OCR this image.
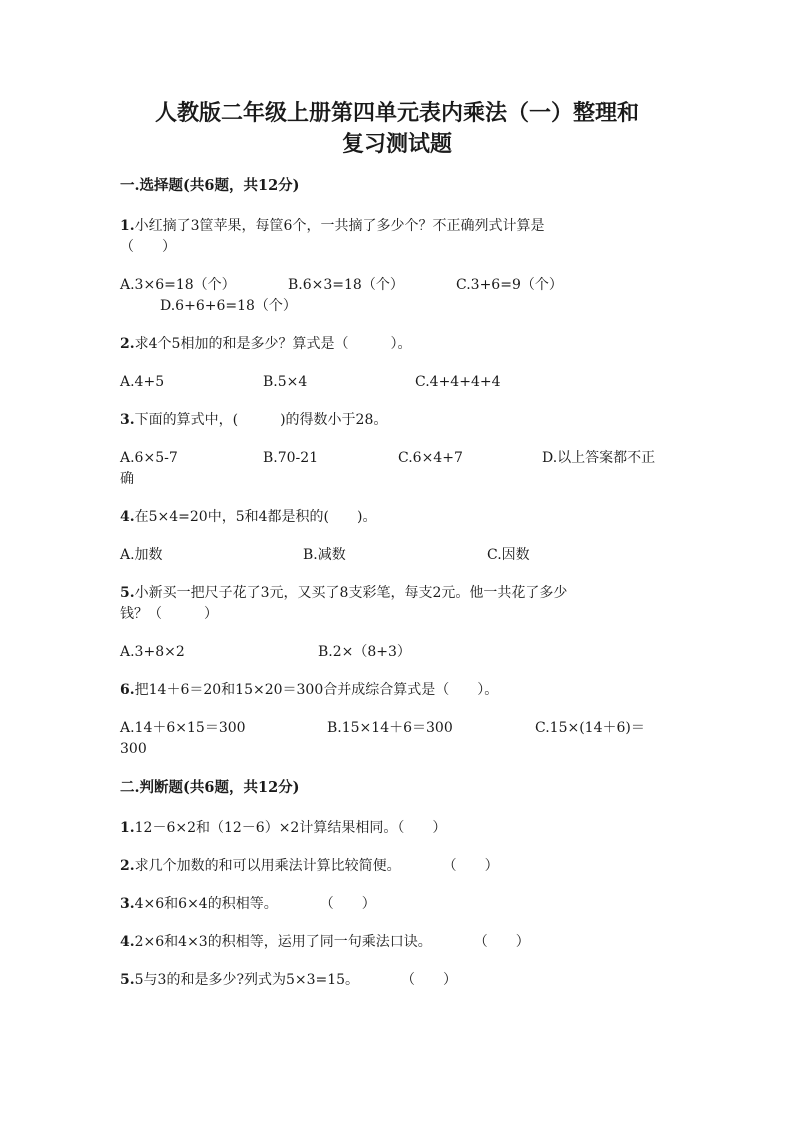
人教版二年级上册第四单元表内乘法（一）整理和
复习测试题
一.选择题(共6题，共12分)
1.小红摘了3筐苹果，每筐6个，一共摘了多少个？不正确列式计算是
（　　）
A.3×6=18（个）	B.6×3=18（个）	C.3+6=9（个）
D.6+6+6=18（个）
2.求4个5相加的和是多少？算式是（　　　）。
A.4+5	B.5×4	C.4+4+4+4
3.下面的算式中，(　　　)的得数小于28。
A.6×5-7	B.70-21	C.6×4+7	D.以上答案都不正
确
4.在5×4=20中，5和4都是积的(　　)。
A.加数	B.减数	C.因数
5.小新买一把尺子花了3元，又买了8支彩笔，每支2元。他一共花了多少
钱？（　　　）
A.3+8×2	B.2×（8+3）
6.把14＋6＝20和15×20＝300合并成综合算式是（　　）。
A.14＋6×15＝300	B.15×14＋6＝300	C.15×(14＋6)＝
300
二.判断题(共6题，共12分)
1.12－6×2和（12－6）×2计算结果相同。（　　）
2.求几个加数的和可以用乘法计算比较简便。　　　　（　　）
3.4×6和6×4的积相等。　　　　（　　）
4.2×6和4×3的积相等，运用了同一句乘法口诀。　　　　（　　）
5.5与3的和是多少?列式为5×3=15。　　　　（　　）
